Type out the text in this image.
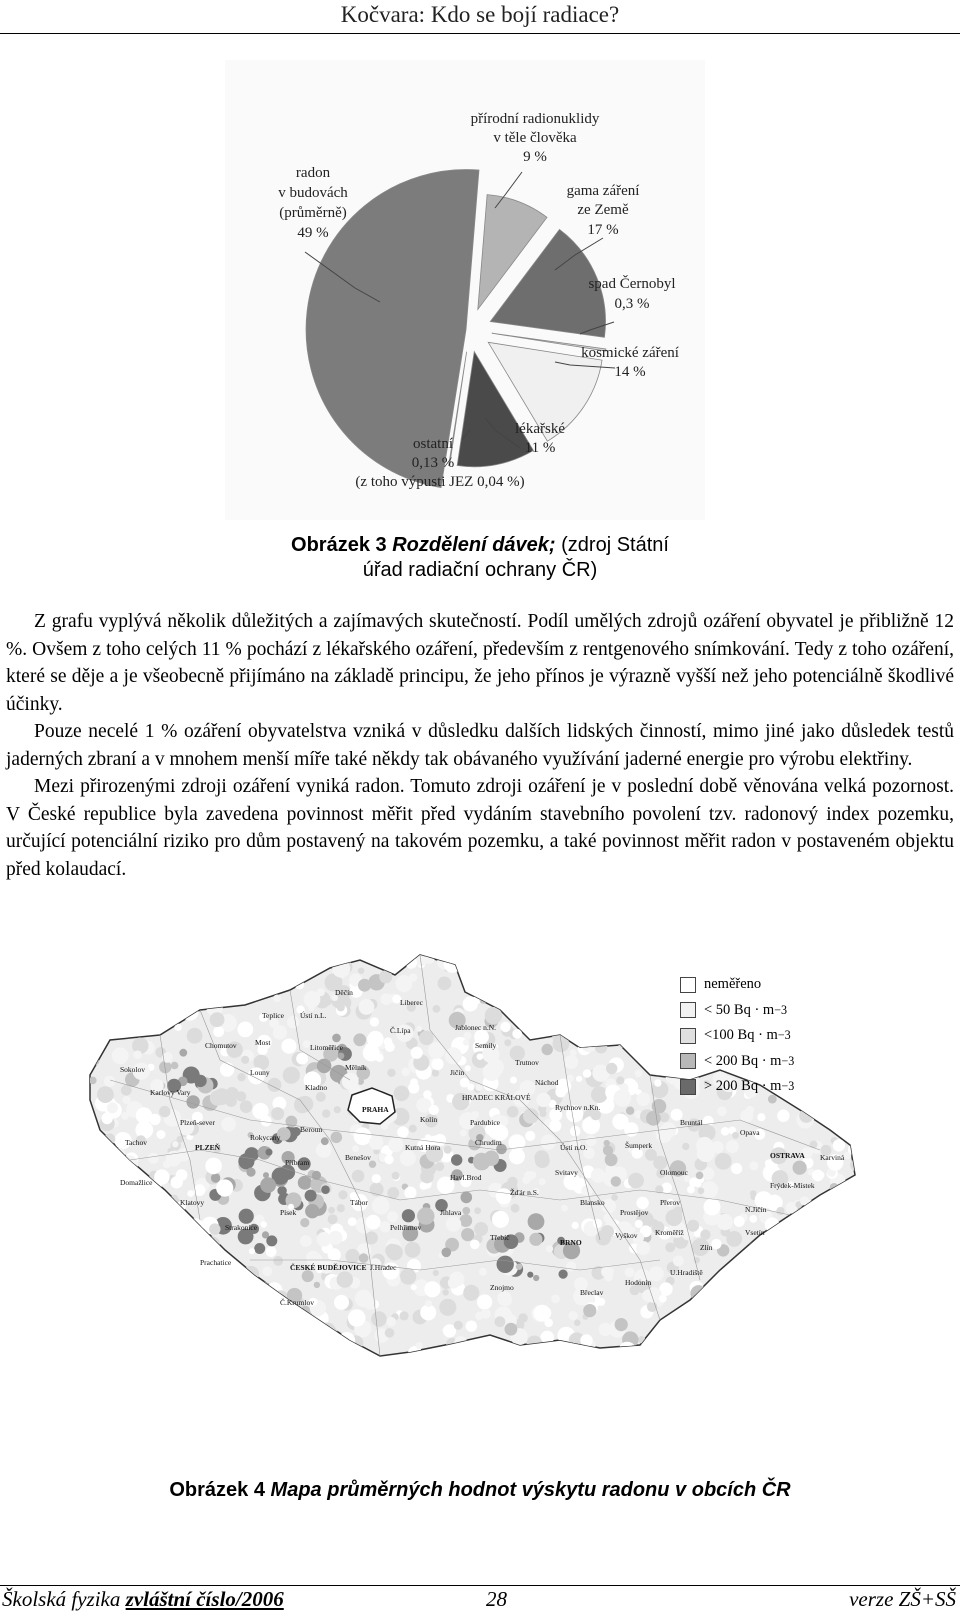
Kočvara: Kdo se bojí radiace?
radon
v budovách
(průměrně)
49 %
přírodní radionuklidy
v těle člověka
9 %
gama záření
ze Země
17 %
spad Černobyl
0,3 %
kosmické záření
14 %
lékařské
11 %
ostatní
0,13 %
(z toho výpusti JEZ 0,04 %)
Obrázek 3 Rozdělení dávek; (zdroj Státní
úřad radiační ochrany ČR)

Z grafu vyplývá několik důležitých a zajímavých skutečností. Podíl umělých zdrojů ozáření obyvatel je přibližně 12 %. Ovšem z toho celých 11 % pochází z lékařského ozáření, především z rentgenového snímkování. Tedy z toho ozáření, které se děje a je všeobecně přijímáno na základě principu, že jeho přínos je výrazně vyšší než jeho potenciálně škodlivé účinky.

Pouze necelé 1 % ozáření obyvatelstva vzniká v důsledku dalších lidských činností, mimo jiné jako důsledek testů jaderných zbraní a v mnohem menší míře také někdy tak obávaného využívání jaderné energie pro výrobu elektřiny.

Mezi přirozenými zdroji ozáření vyniká radon. Tomuto zdroji ozáření je v poslední době věnována velká pozornost. V České republice byla zavedena povinnost měřit před vydáním stavebního povolení tzv. radonový index pozemku, určující potenciální riziko pro dům postavený na takovém pozemku, a také povinnost měřit radon v postaveném objektu před kolaudací.

Děčín
Teplice Ústí n.L.
Liberec
Jablonec n.N.
Chomutov Most
Litoměřice
Č.Lípa
Semily
Trutnov
Sokolov	Louny
Mělník
Jičín
Náchod
Karlovy Vary
Kladno
HRADEC KRÁLOVÉ
Rychnov n.Kn.
PRAHA
Plzeň-sever
Rokycany
Beroun
Kolín	Pardubice
Chrudim
Ústí n.O.
Bruntál
Opava
Karviná
Tachov
PLZEŇ	Kutná Hora
Havl.Brod
Svitavy
OSTRAVA
Olomouc
Příbram
Benešov
Žďár n.S.
Šumperk
Frýdek-Místek
Domažlice
Klatovy
Písek
Tábor
Jihlava
Blansko
Prostějov
Přerov
N.Jičín
Vsetín
Strakonice	Pelhřimov
Třebíč
BRNO
Vyškov Kroměříž
Zlín
Prachatice
J.Hradec
ČESKÉ BUDĚJOVICE
Znojmo
Břeclav
Hodonín
U.Hradiště
Č.Krumlov
neměřeno
< 50 Bq · m −3
<100 Bq · m −3
< 200 Bq · m −3
> 200 Bq · m −3
Obrázek 4 Mapa průměrných hodnot výskytu radonu v obcích ČR
Školská fyzika zvláštní číslo/2006	28	verze ZŠ+SŠ
